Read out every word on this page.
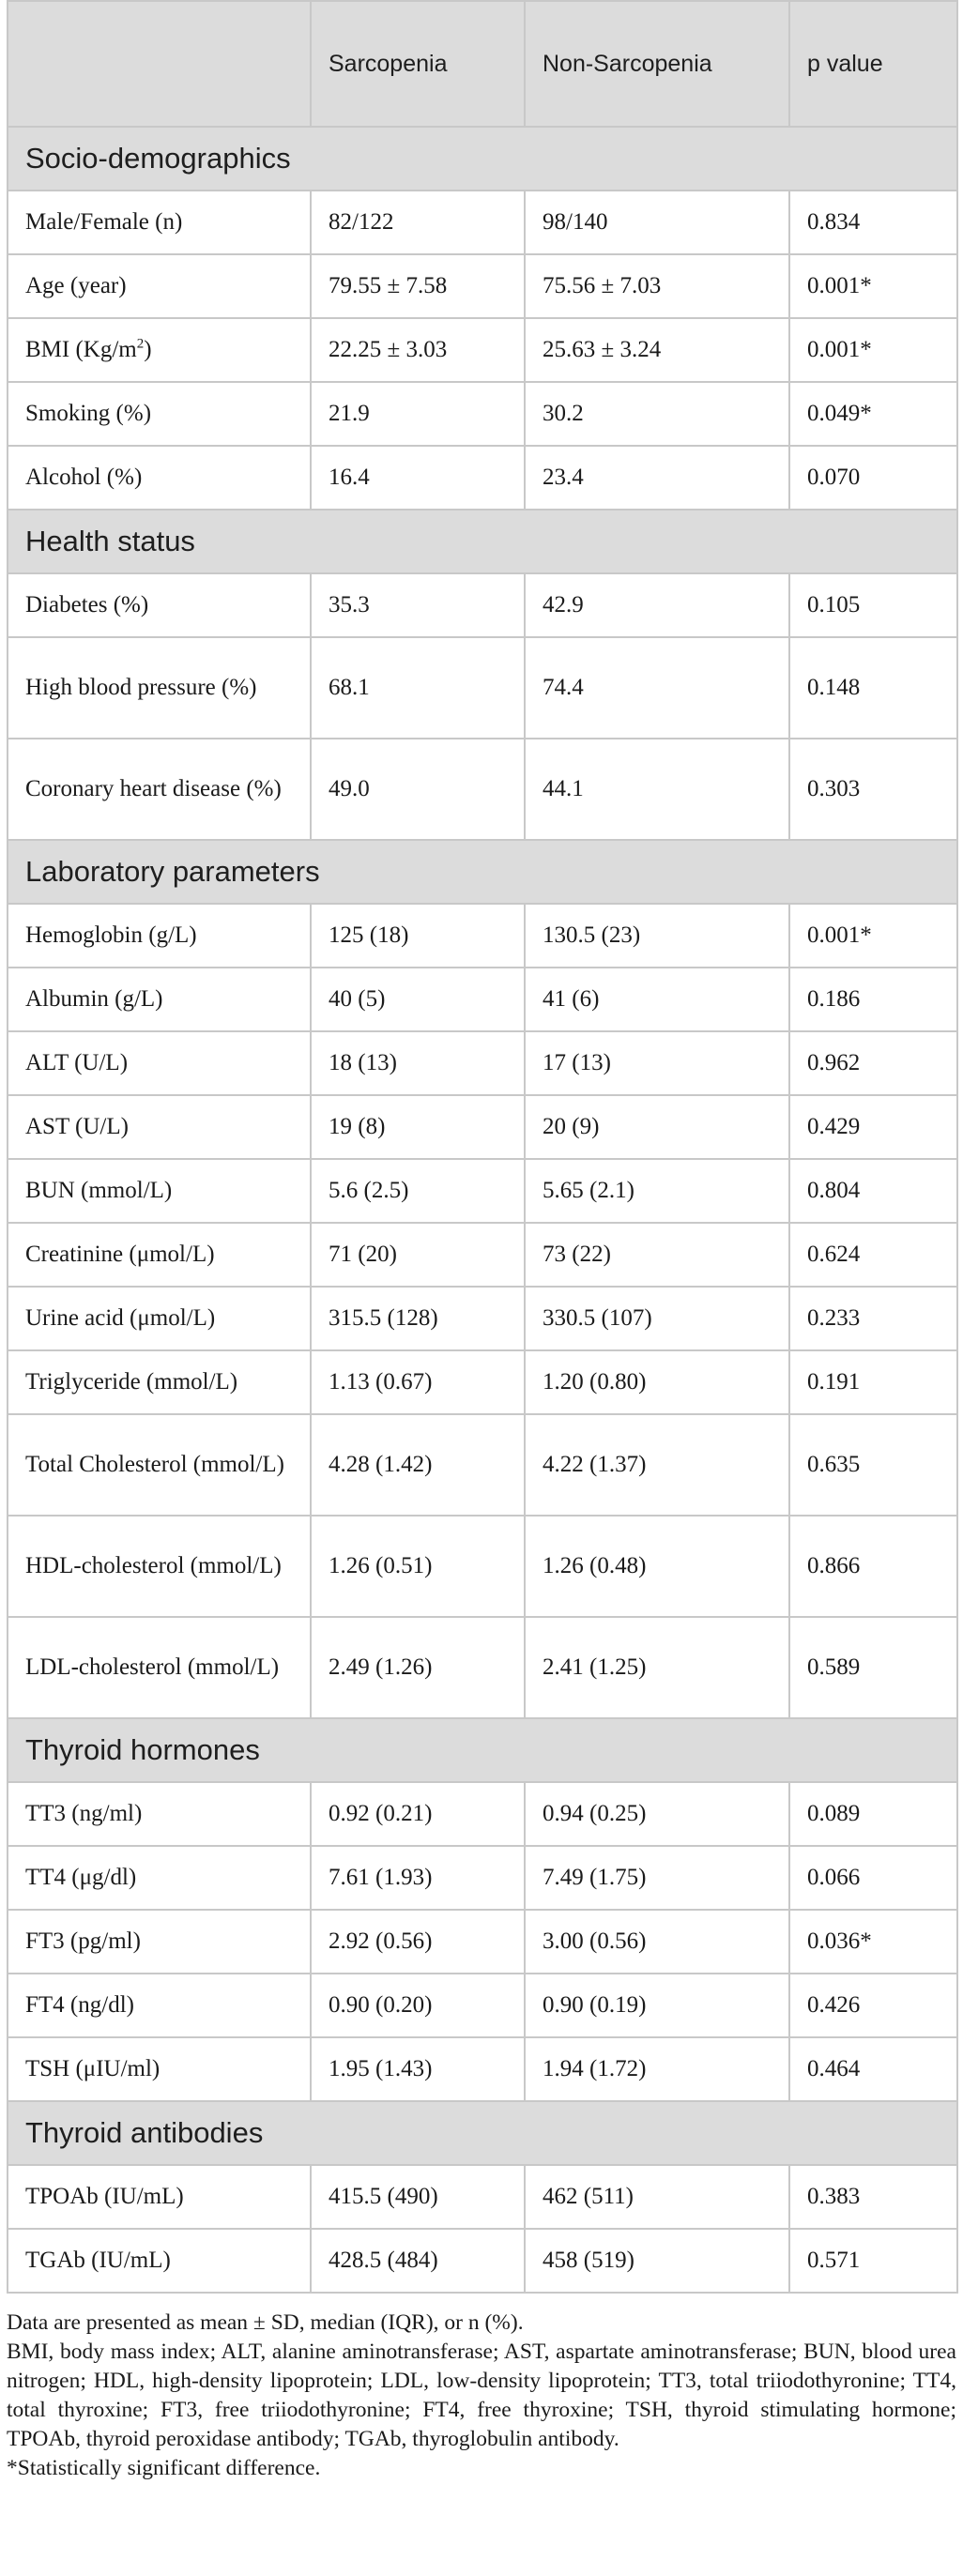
	Sarcopenia	Non-Sarcopenia	p value
Socio-demographics			
Male/Female (n)	82/122	98/140	0.834
Age (year)	79.55 ± 7.58	75.56 ± 7.03	0.001*
BMI $(Kg/m^2)$	22.25 ± 3.03	25.63 ± 3.24	0.001*
Smoking (%)	21.9	30.2	0.049*
Alcohol (%)	16.4	23.4	0.070
Health status			
Diabetes (%)	35.3	42.9	0.105
High blood pressure (%)	68.1	74.4	0.148
Coronary heart disease (%)	49.0	44.1	0.303
Laboratory parameters			
Hemoglobin (g/L)	125 (18)	130.5 (23)	0.001*
Albumin (g/L)	40 (5)	41 (6)	0.186
ALT (U/L)	18 (13)	17 (13)	0.962
AST (U/L)	19 (8)	20 (9)	0.429
BUN (mmol/L)	5.6 (2.5)	5.65 (2.1)	0.804
Creatinine (μmol/L)	71 (20)	73 (22)	0.624
Urine acid (μmol/L)	315.5 (128)	330.5 (107)	0.233
Triglyceride (mmol/L)	1.13 (0.67)	1.20 (0.80)	0.191
Total Cholesterol (mmol/L)	4.28 (1.42)	4.22 (1.37)	0.635
HDL-cholesterol (mmol/L)	1.26 (0.51)	1.26 (0.48)	0.866
LDL-cholesterol (mmol/L)	2.49 (1.26)	2.41 (1.25)	0.589
Thyroid hormones			
TT3 (ng/ml)	0.92 (0.21)	0.94 (0.25)	0.089
TT4 (μg/dl)	7.61 (1.93)	7.49 (1.75)	0.066
FT3 (pg/ml)	2.92 (0.56)	3.00 (0.56)	0.036*
FT4 (ng/dl)	0.90 (0.20)	0.90 (0.19)	0.426
TSH (μIU/ml)	1.95 (1.43)	1.94 (1.72)	0.464
Thyroid antibodies			
TPOAb (IU/mL)	415.5 (490)	462 (511)	0.383
TGAb (IU/mL)	428.5 (484)	458 (519)	0.571

Data are presented as mean ± SD, median (IQR), or n (%).

BMI, body mass index; ALT, alanine aminotransferase; AST, aspartate aminotransferase; BUN, blood urea nitrogen; HDL, high-density lipoprotein; LDL, low-density lipoprotein; TT3, total triiodothyronine; TT4, total thyroxine; FT3, free triiodothyronine; FT4, free thyroxine; TSH, thyroid stimulating hormone; TPOAb, thyroid peroxidase antibody; TGAb, thyroglobulin antibody.

*Statistically significant difference.
